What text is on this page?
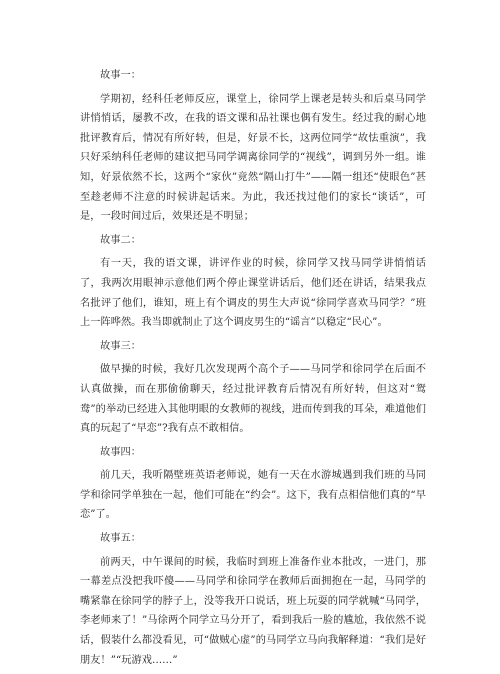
故事一：

学期初，经科任老师反应，课堂上，徐同学上课老是转头和后桌马同学讲悄悄话，屡教不改，在我的语文课和品社课也偶有发生。经过我的耐心地批评教育后，情况有所好转，但是，好景不长，这两位同学“故怯重演”，我只好采纳科任老师的建议把马同学调离徐同学的“视线”，调到另外一组。谁知，好景依然不长，这两个“家伙”竟然“隔山打牛”——隔一组还“使眼色”甚至趁老师不注意的时候讲起话来。为此，我还找过他们的家长“谈话”，可是，一段时间过后，效果还是不明显；

故事二：

有一天，我的语文课，讲评作业的时候，徐同学又找马同学讲悄悄话了，我两次用眼神示意他们两个停止课堂讲话后，他们还在讲话，结果我点名批评了他们，谁知，班上有个调皮的男生大声说“徐同学喜欢马同学？”班上一阵哗然。我当即就制止了这个调皮男生的“谣言”以稳定“民心”。

故事三：

做早操的时候，我好几次发现两个高个子——马同学和徐同学在后面不认真做操，而在那偷偷聊天，经过批评教育后情况有所好转，但这对“鸳鸯”的举动已经进入其他明眼的女教师的视线，进而传到我的耳朵，难道他们真的玩起了“早恋”?我有点不敢相信。

故事四：

前几天，我听隔壁班英语老师说，她有一天在水游城遇到我们班的马同学和徐同学单独在一起，他们可能在“约会”。这下，我有点相信他们真的“早恋”了。

故事五：

前两天，中午课间的时候，我临时到班上准备作业本批改，一进门，那一幕差点没把我吓傻——马同学和徐同学在教师后面拥抱在一起，马同学的嘴紧靠在徐同学的脖子上，没等我开口说话，班上玩耍的同学就喊“马同学，李老师来了！”马徐两个同学立马分开了，看到我后一脸的尴尬，我依然不说话，假装什么都没看见，可“做贼心虚”的马同学立马向我解释道：“我们是好朋友！”“玩游戏……”
